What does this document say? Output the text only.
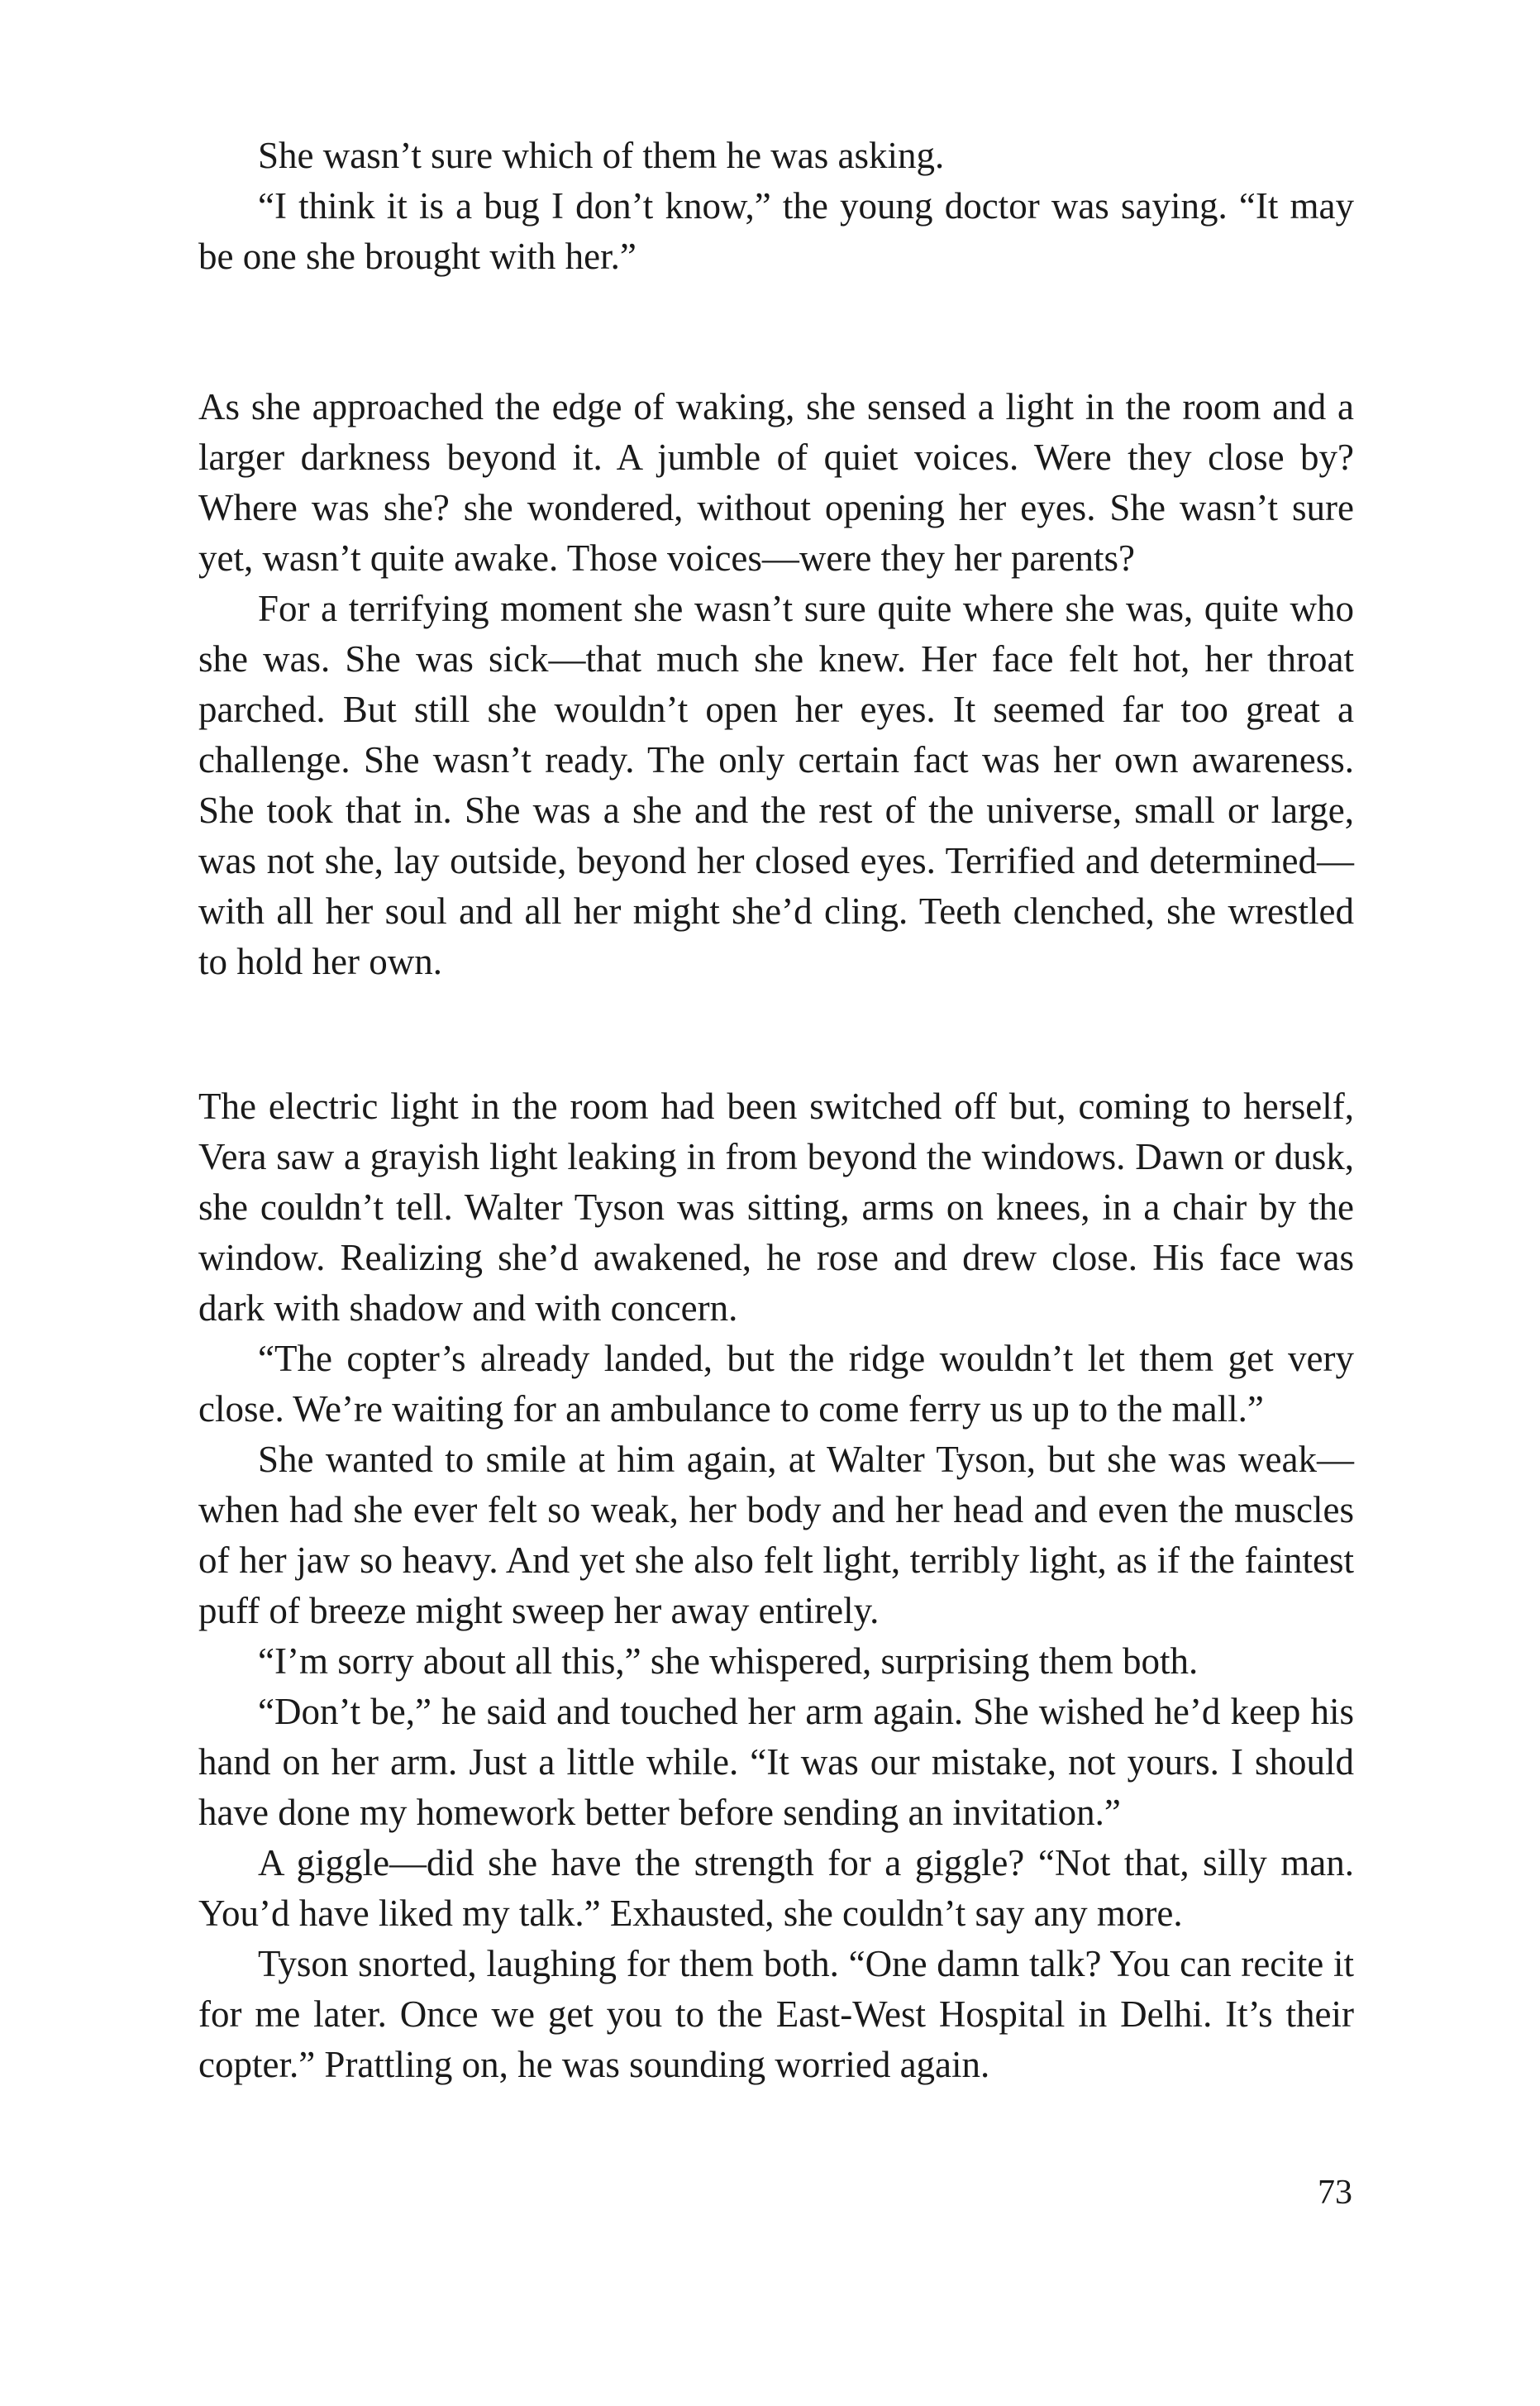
She wasn’t sure which of them he was asking.

“I think it is a bug I don’t know,” the young doctor was saying. “It may be one she brought with her.”

As she approached the edge of waking, she sensed a light in the room and a larger darkness beyond it. A jumble of quiet voices. Were they close by? Where was she? she wondered, without opening her eyes. She wasn’t sure yet, wasn’t quite awake. Those voices—were they her parents?

For a terrifying moment she wasn’t sure quite where she was, quite who she was. She was sick—that much she knew. Her face felt hot, her throat parched. But still she wouldn’t open her eyes. It seemed far too great a challenge. She wasn’t ready. The only certain fact was her own awareness. She took that in. She was a she and the rest of the universe, small or large, was not she, lay outside, beyond her closed eyes. Terrified and determined—with all her soul and all her might she’d cling. Teeth clenched, she wrestled to hold her own.

The electric light in the room had been switched off but, coming to herself, Vera saw a grayish light leaking in from beyond the windows. Dawn or dusk, she couldn’t tell. Walter Tyson was sitting, arms on knees, in a chair by the window. Realizing she’d awakened, he rose and drew close. His face was dark with shadow and with concern.

“The copter’s already landed, but the ridge wouldn’t let them get very close. We’re waiting for an ambulance to come ferry us up to the mall.”

She wanted to smile at him again, at Walter Tyson, but she was weak—when had she ever felt so weak, her body and her head and even the muscles of her jaw so heavy. And yet she also felt light, terribly light, as if the faintest puff of breeze might sweep her away entirely.

“I’m sorry about all this,” she whispered, surprising them both.

“Don’t be,” he said and touched her arm again. She wished he’d keep his hand on her arm. Just a little while. “It was our mistake, not yours. I should have done my homework better before sending an invitation.”

A giggle—did she have the strength for a giggle? “Not that, silly man. You’d have liked my talk.” Exhausted, she couldn’t say any more.

Tyson snorted, laughing for them both. “One damn talk? You can recite it for me later. Once we get you to the East-West Hospital in Delhi. It’s their copter.” Prattling on, he was sounding worried again.

73
